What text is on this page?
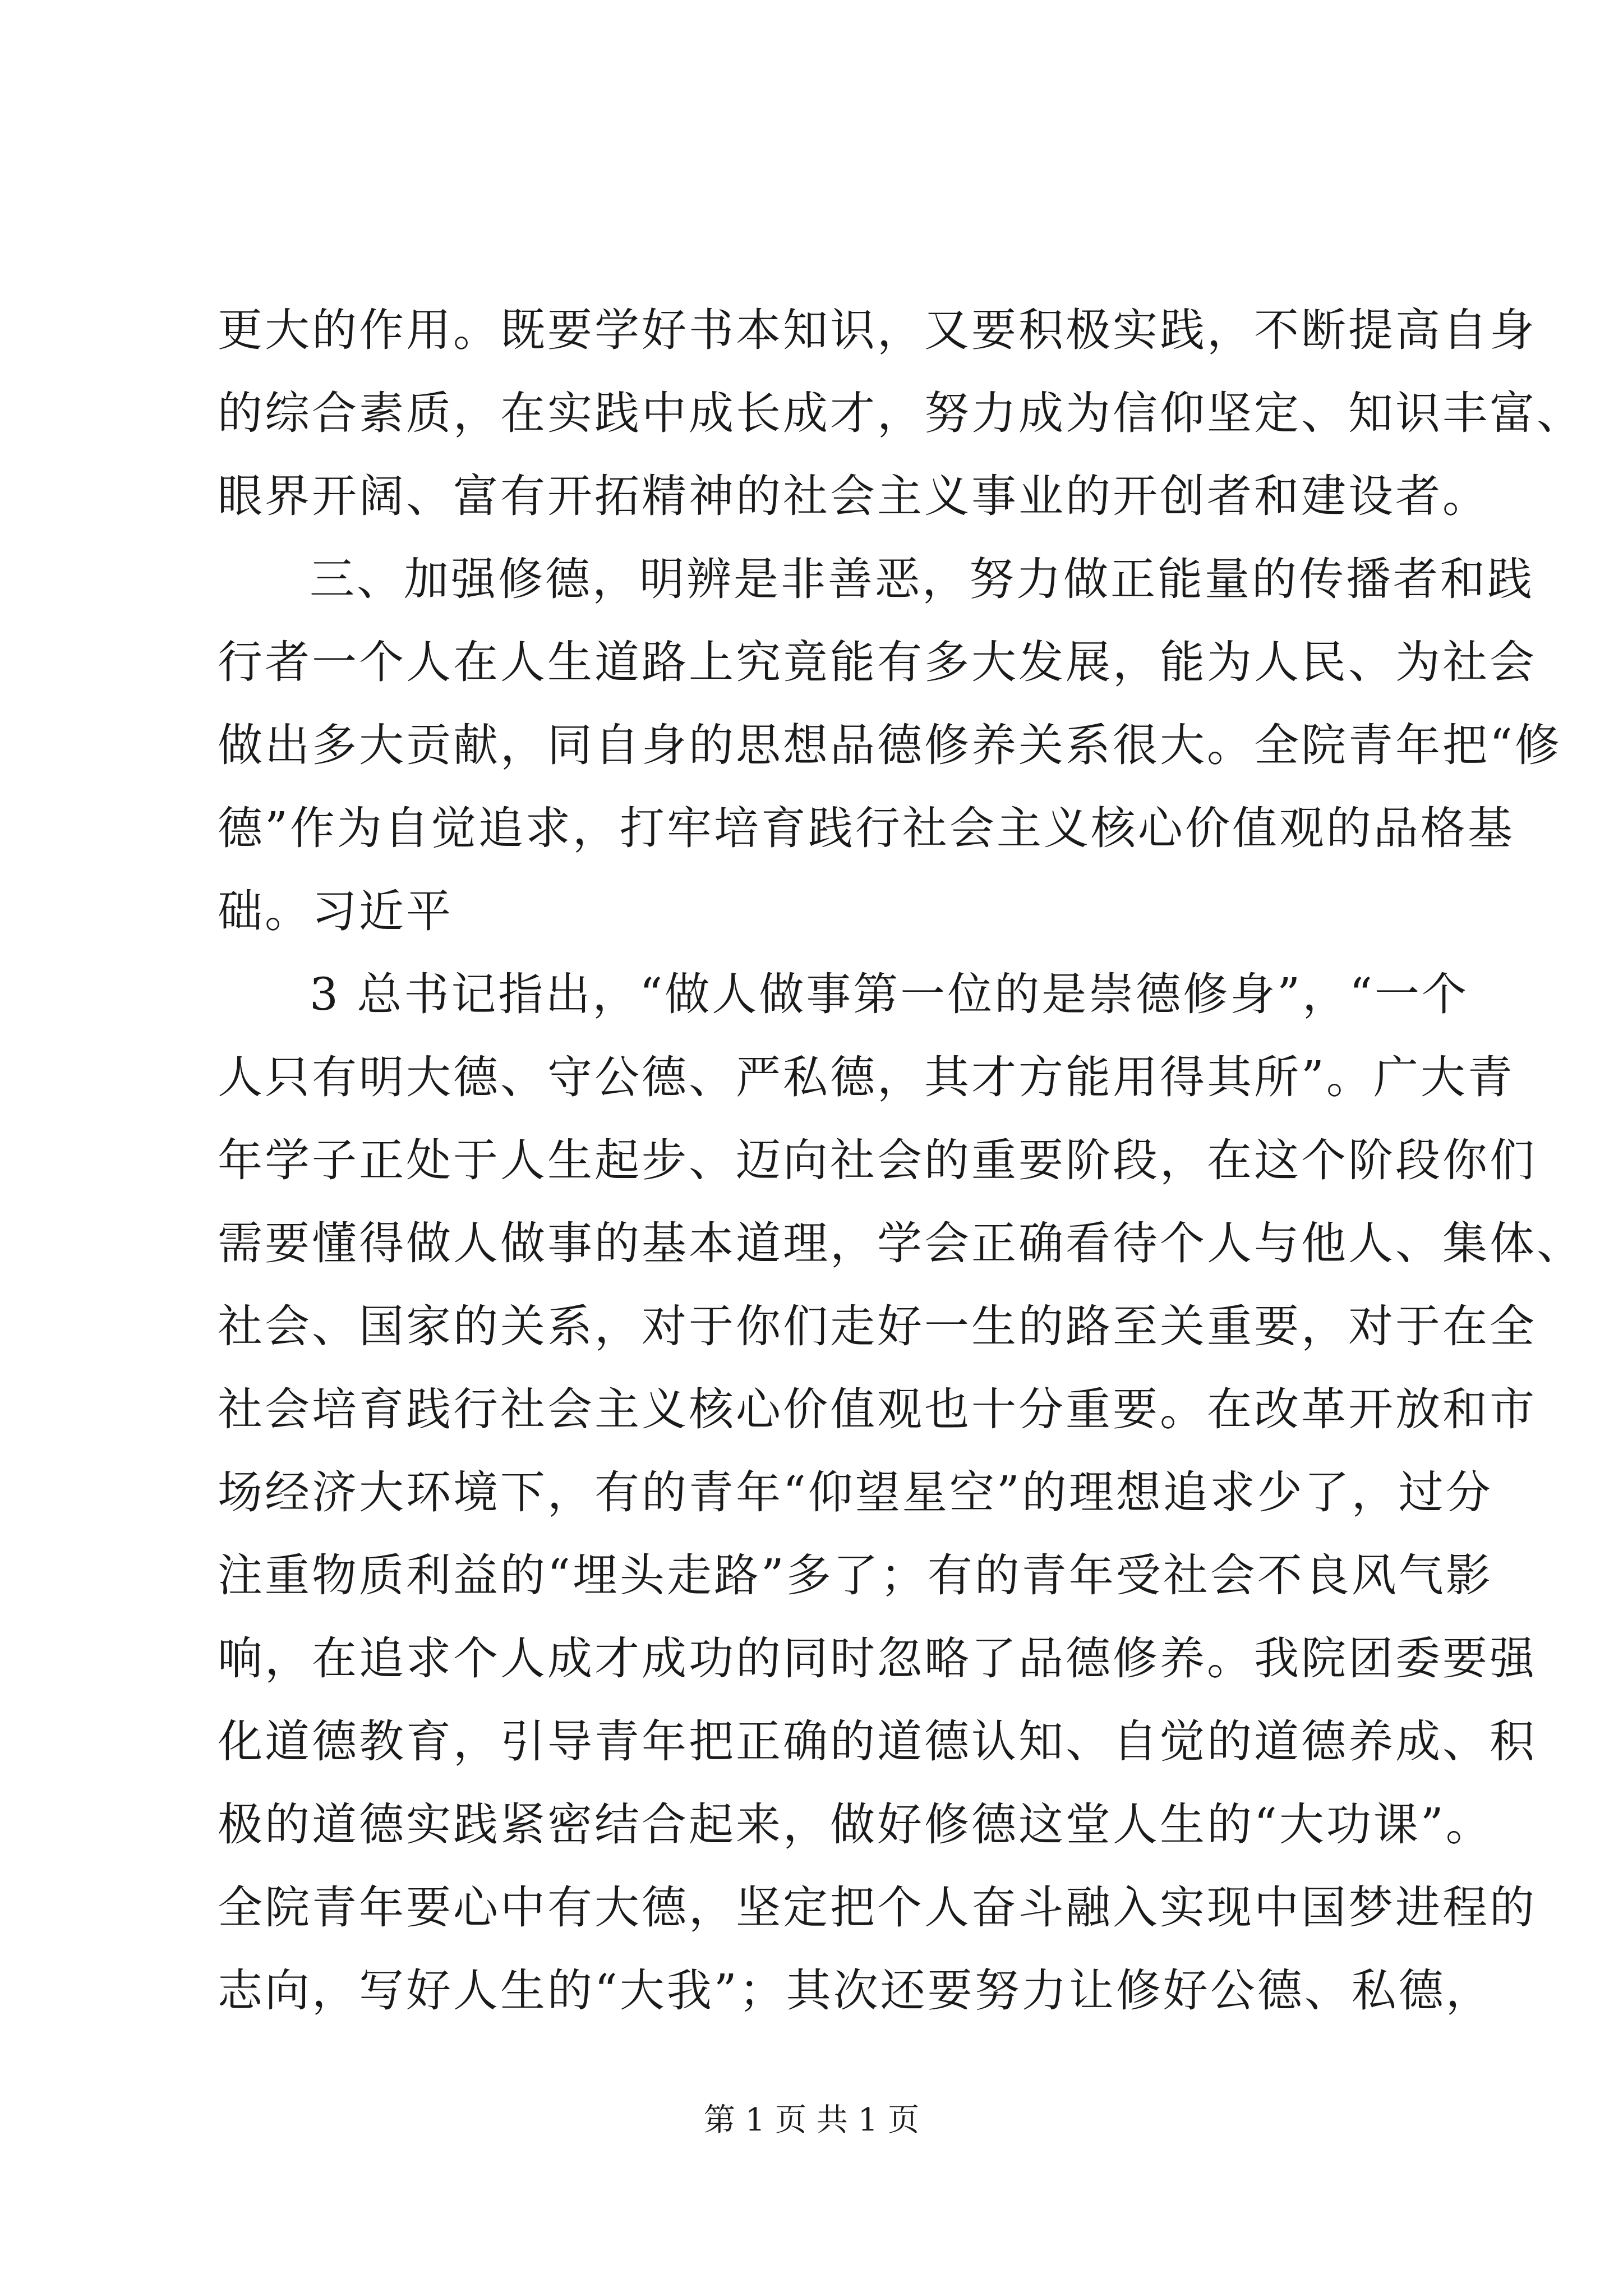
更大的作用。既要学好书本知识，又要积极实践，不断提高自身
的综合素质，在实践中成长成才，努力成为信仰坚定、知识丰富、
眼界开阔、富有开拓精神的社会主义事业的开创者和建设者。
三、加强修德，明辨是非善恶，努力做正能量的传播者和践
行者一个人在人生道路上究竟能有多大发展，能为人民、为社会
做出多大贡献，同自身的思想品德修养关系很大。全院青年把“修
德”作为自觉追求，打牢培育践行社会主义核心价值观的品格基
础。习近平
3 总书记指出，“做人做事第一位的是崇德修身”，“一个
人只有明大德、守公德、严私德，其才方能用得其所”。广大青
年学子正处于人生起步、迈向社会的重要阶段，在这个阶段你们
需要懂得做人做事的基本道理，学会正确看待个人与他人、集体、
社会、国家的关系，对于你们走好一生的路至关重要，对于在全
社会培育践行社会主义核心价值观也十分重要。在改革开放和市
场经济大环境下，有的青年“仰望星空”的理想追求少了，过分
注重物质利益的“埋头走路”多了；有的青年受社会不良风气影
响，在追求个人成才成功的同时忽略了品德修养。我院团委要强
化道德教育，引导青年把正确的道德认知、自觉的道德养成、积
极的道德实践紧密结合起来，做好修德这堂人生的“大功课”。
全院青年要心中有大德，坚定把个人奋斗融入实现中国梦进程的
志向，写好人生的“大我”；其次还要努力让修好公德、私德，
第 1 页 共 1 页
